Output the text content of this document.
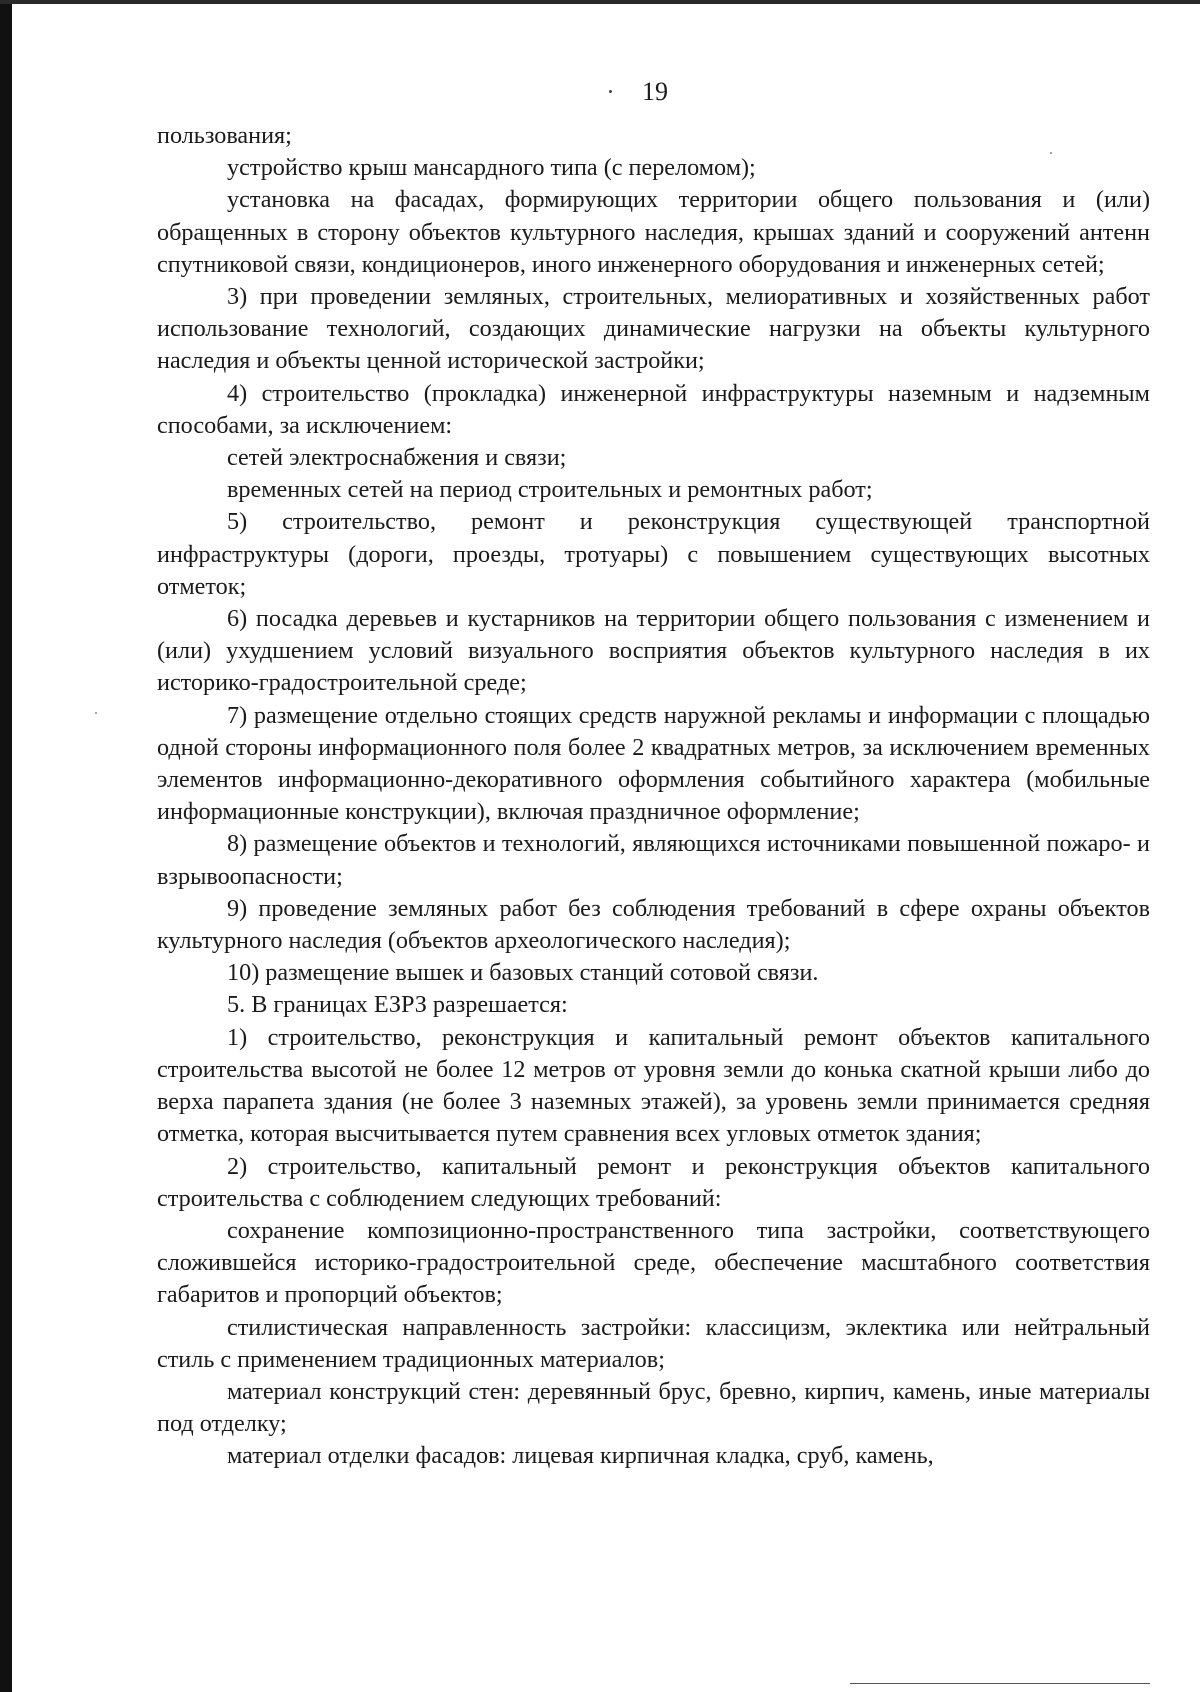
19

пользования;

устройство крыш мансардного типа (с переломом);

установка на фасадах, формирующих территории общего пользования и (или) обращенных в сторону объектов культурного наследия, крышах зданий и сооружений антенн спутниковой связи, кондиционеров, иного инженерного оборудования и инженерных сетей;

3) при проведении земляных, строительных, мелиоративных и хозяйственных работ использование технологий, создающих динамические нагрузки на объекты культурного наследия и объекты ценной исторической застройки;

4) строительство (прокладка) инженерной инфраструктуры наземным и надземным способами, за исключением:

сетей электроснабжения и связи;

временных сетей на период строительных и ремонтных работ;

5) строительство, ремонт и реконструкция существующей транспортной инфраструктуры (дороги, проезды, тротуары) с повышением существующих высотных отметок;

6) посадка деревьев и кустарников на территории общего пользования с изменением и (или) ухудшением условий визуального восприятия объектов культурного наследия в их историко-градостроительной среде;

7) размещение отдельно стоящих средств наружной рекламы и информации с площадью одной стороны информационного поля более 2 квадратных метров, за исключением временных элементов информационно-декоративного оформления событийного характера (мобильные информационные конструкции), включая праздничное оформление;

8) размещение объектов и технологий, являющихся источниками повышенной пожаро- и взрывоопасности;

9) проведение земляных работ без соблюдения требований в сфере охраны объектов культурного наследия (объектов археологического наследия);

10) размещение вышек и базовых станций сотовой связи.

5. В границах ЕЗРЗ разрешается:

1) строительство, реконструкция и капитальный ремонт объектов капитального строительства высотой не более 12 метров от уровня земли до конька скатной крыши либо до верха парапета здания (не более 3 наземных этажей), за уровень земли принимается средняя отметка, которая высчитывается путем сравнения всех угловых отметок здания;

2) строительство, капитальный ремонт и реконструкция объектов капитального строительства с соблюдением следующих требований:

сохранение композиционно-пространственного типа застройки, соответствующего сложившейся историко-градостроительной среде, обеспечение масштабного соответствия габаритов и пропорций объектов;

стилистическая направленность застройки: классицизм, эклектика или нейтральный стиль с применением традиционных материалов;

материал конструкций стен: деревянный брус, бревно, кирпич, камень, иные материалы под отделку;

материал отделки фасадов: лицевая кирпичная кладка, сруб, камень,
